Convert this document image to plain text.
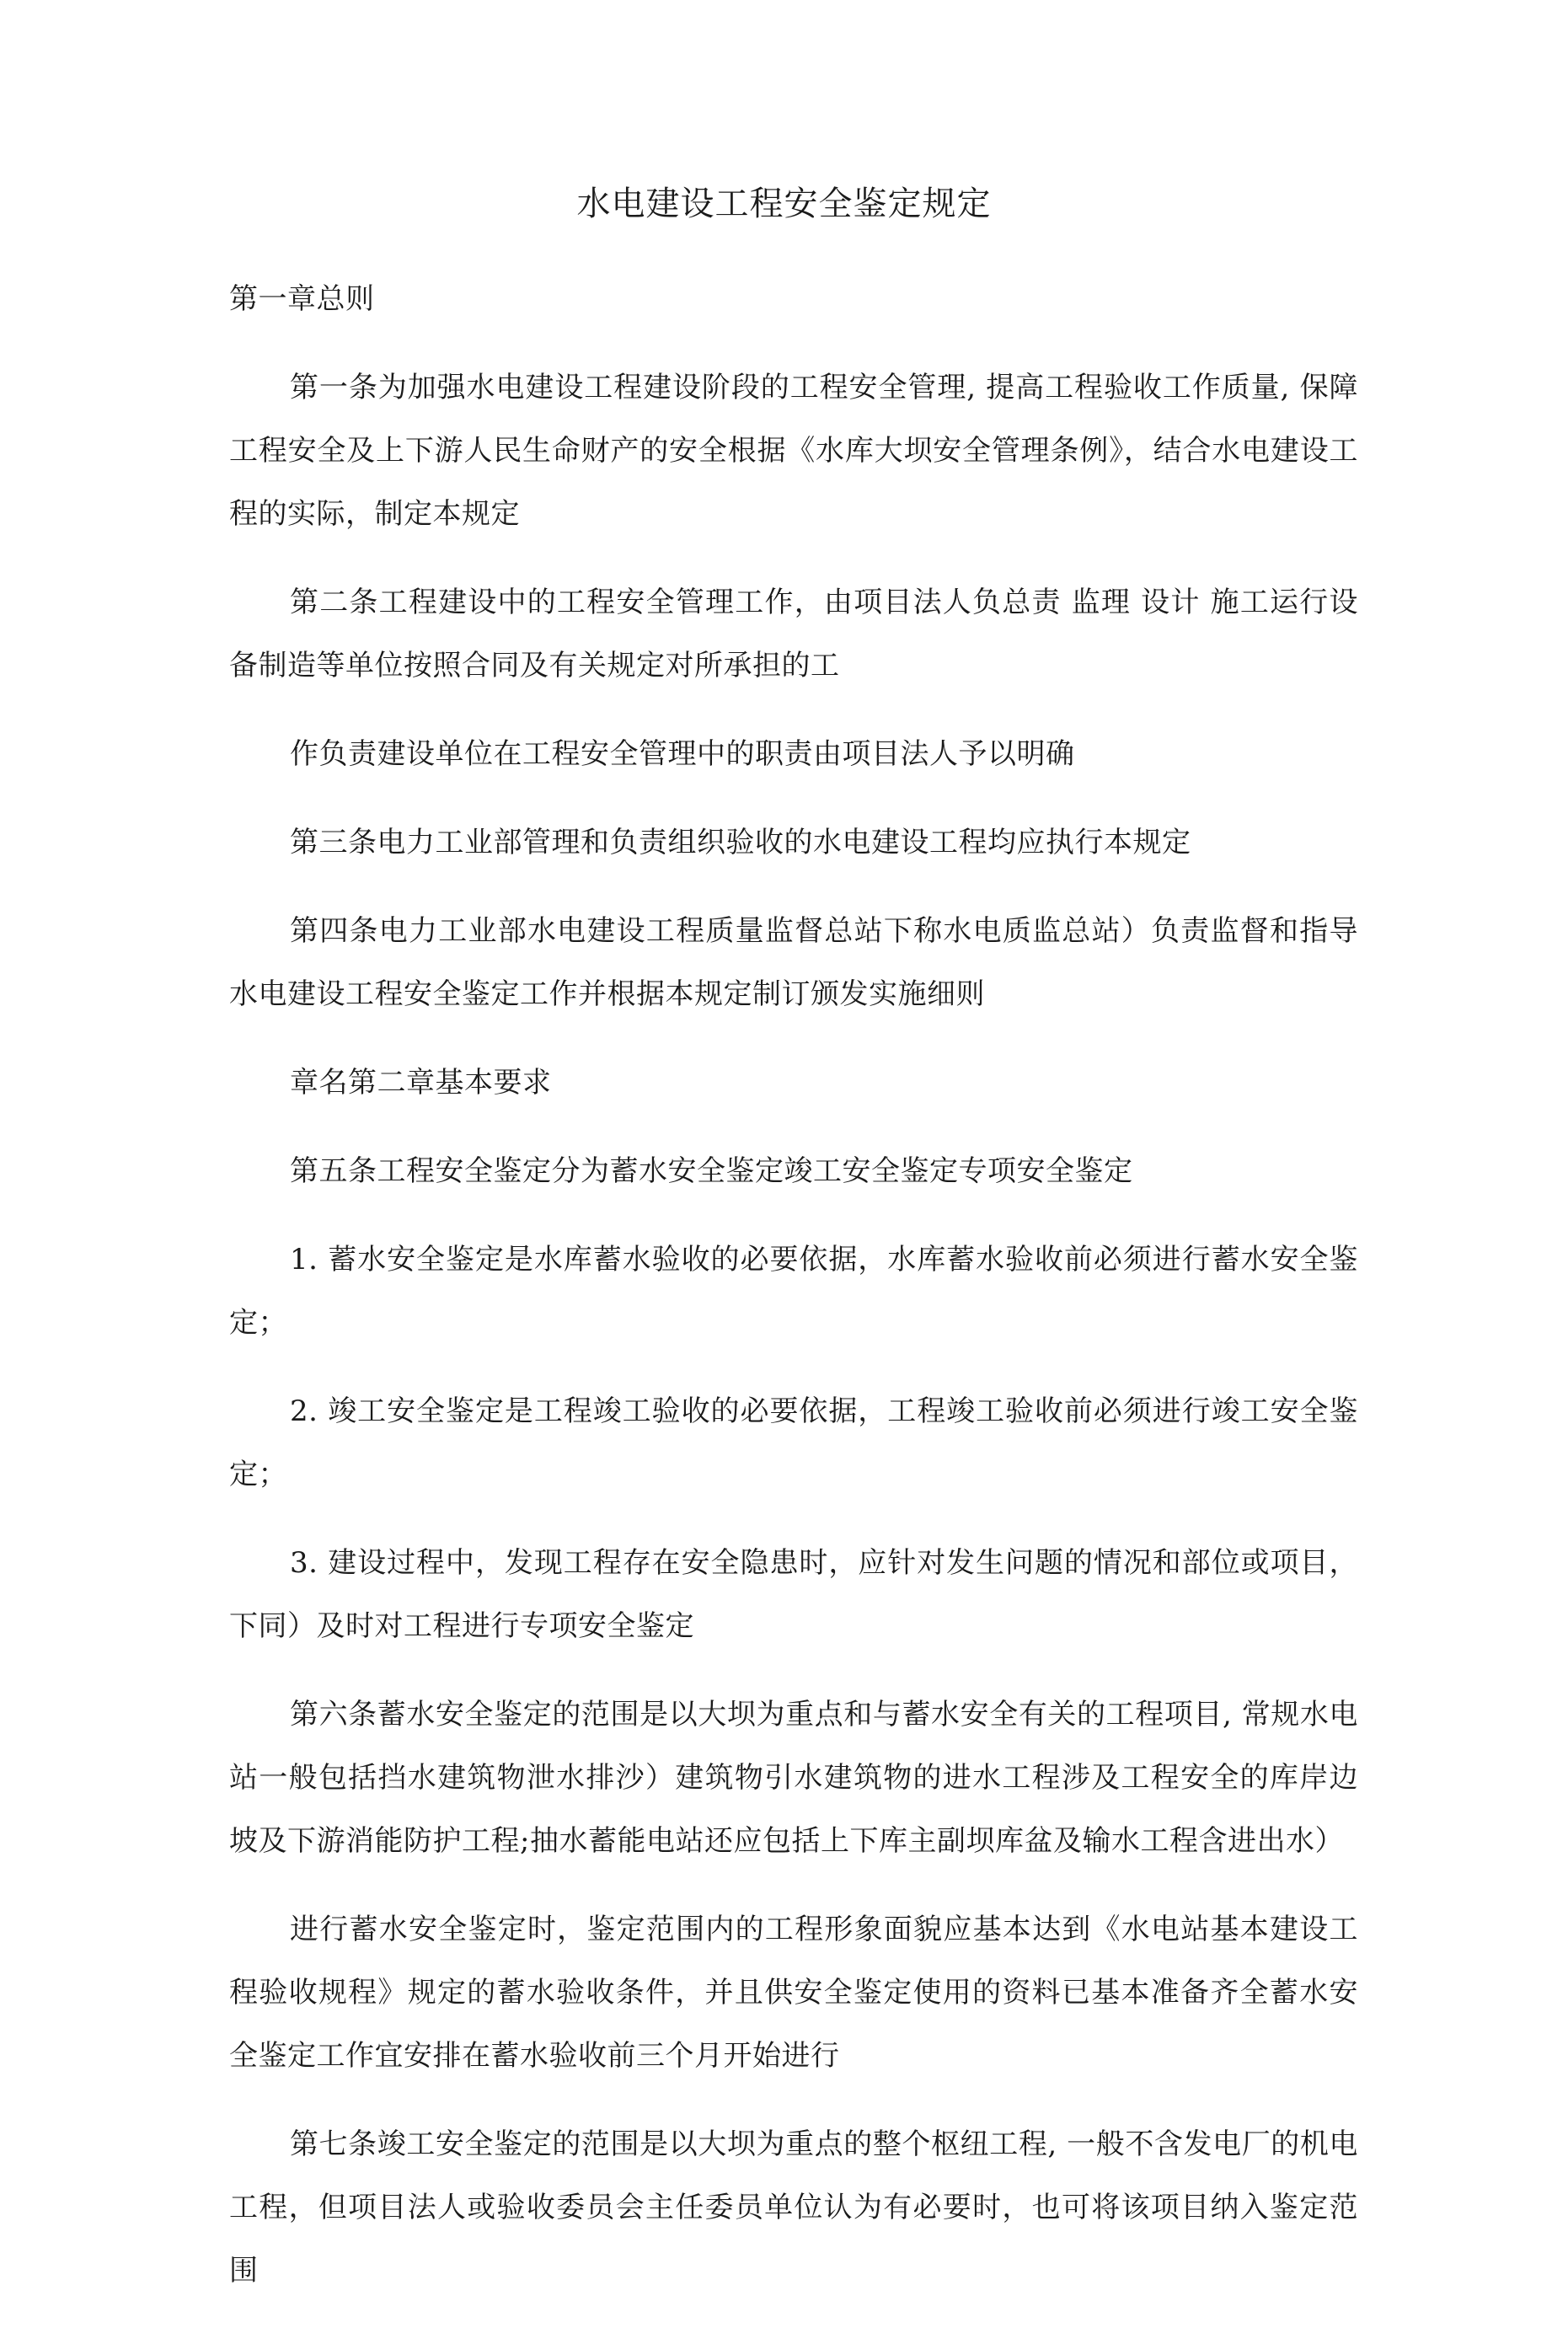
水电建设工程安全鉴定规定

第一章总则

第一条为加强水电建设工程建设阶段的工程安全管理, 提高工程验收工作质量, 保障工程安全及上下游人民生命财产的安全根据《水库大坝安全管理条例》，结合水电建设工程的实际，制定本规定

第二条工程建设中的工程安全管理工作，由项目法人负总责 监理 设计 施工运行设备制造等单位按照合同及有关规定对所承担的工

作负责建设单位在工程安全管理中的职责由项目法人予以明确

第三条电力工业部管理和负责组织验收的水电建设工程均应执行本规定

第四条电力工业部水电建设工程质量监督总站下称水电质监总站）负责监督和指导水电建设工程安全鉴定工作并根据本规定制订颁发实施细则

章名第二章基本要求

第五条工程安全鉴定分为蓄水安全鉴定竣工安全鉴定专项安全鉴定

1. 蓄水安全鉴定是水库蓄水验收的必要依据，水库蓄水验收前必须进行蓄水安全鉴定；

2. 竣工安全鉴定是工程竣工验收的必要依据，工程竣工验收前必须进行竣工安全鉴定；

3. 建设过程中，发现工程存在安全隐患时，应针对发生问题的情况和部位或项目，下同）及时对工程进行专项安全鉴定

第六条蓄水安全鉴定的范围是以大坝为重点和与蓄水安全有关的工程项目, 常规水电站一般包括挡水建筑物泄水排沙）建筑物引水建筑物的进水工程涉及工程安全的库岸边坡及下游消能防护工程;抽水蓄能电站还应包括上下库主副坝库盆及输水工程含进出水）

进行蓄水安全鉴定时，鉴定范围内的工程形象面貌应基本达到《水电站基本建设工程验收规程》规定的蓄水验收条件，并且供安全鉴定使用的资料已基本准备齐全蓄水安全鉴定工作宜安排在蓄水验收前三个月开始进行

第七条竣工安全鉴定的范围是以大坝为重点的整个枢纽工程, 一般不含发电厂的机电工程，但项目法人或验收委员会主任委员单位认为有必要时，也可将该项目纳入鉴定范围
